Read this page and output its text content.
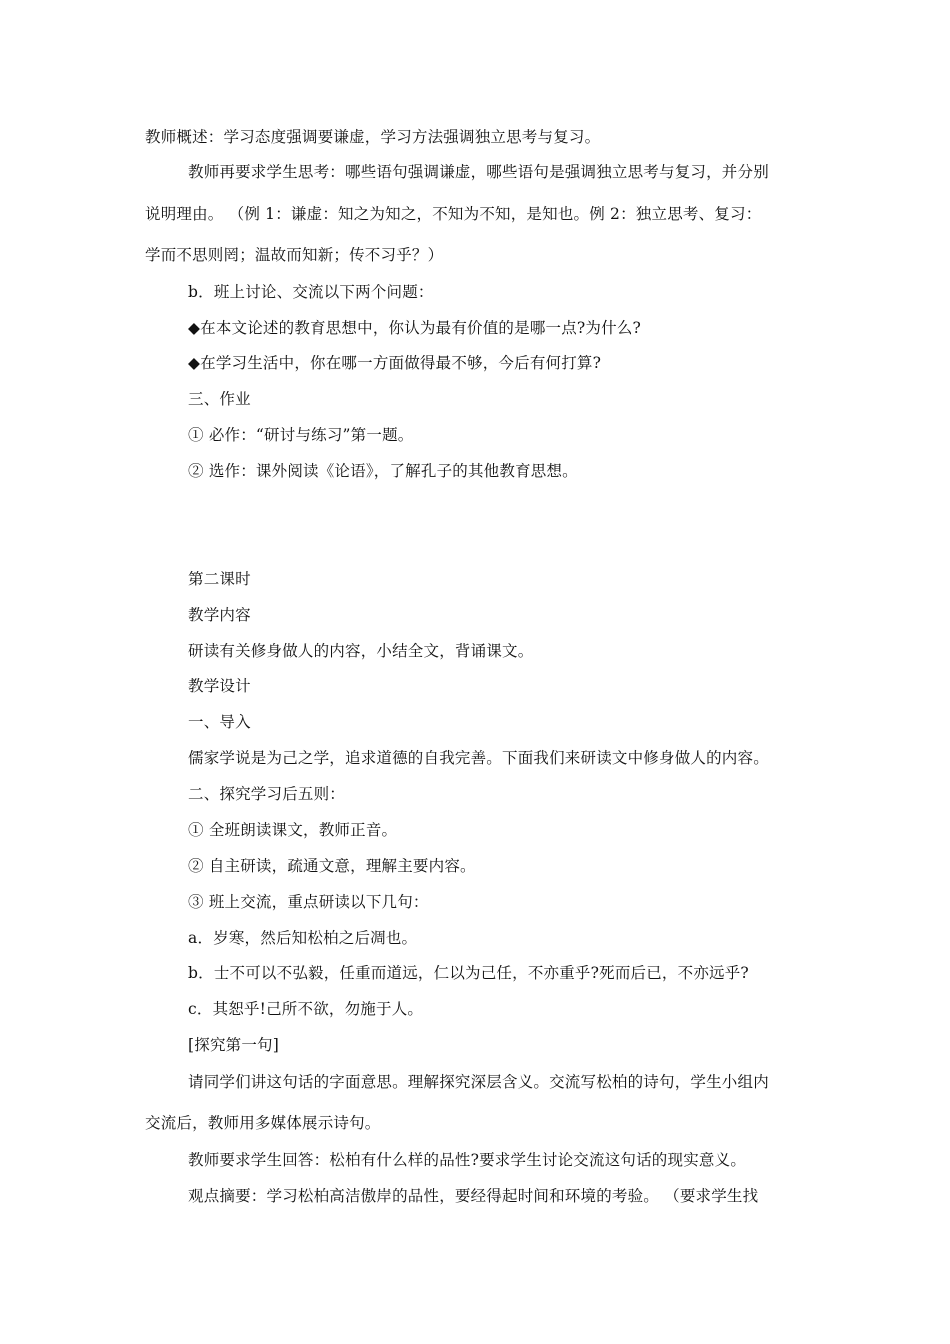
教师概述：学习态度强调要谦虚，学习方法强调独立思考与复习。
教师再要求学生思考：哪些语句强调谦虚，哪些语句是强调独立思考与复习，并分别
说明理由。 （例 1：谦虚：知之为知之，不知为不知，是知也。例 2：独立思考、复习：
学而不思则罔；温故而知新；传不习乎？）
b．班上讨论、交流以下两个问题：
◆在本文论述的教育思想中，你认为最有价值的是哪一点?为什么?
◆在学习生活中，你在哪一方面做得最不够，今后有何打算?
三、作业
① 必作：“研讨与练习”第一题。
② 选作：课外阅读《论语》，了解孔子的其他教育思想。
第二课时
教学内容
研读有关修身做人的内容，小结全文，背诵课文。
教学设计
一、导入
儒家学说是为己之学，追求道德的自我完善。下面我们来研读文中修身做人的内容。
二、探究学习后五则：
① 全班朗读课文，教师正音。
② 自主研读，疏通文意，理解主要内容。
③ 班上交流，重点研读以下几句：
a．岁寒，然后知松柏之后凋也。
b．士不可以不弘毅，任重而道远，仁以为己任，不亦重乎?死而后已，不亦远乎?
c．其恕乎!己所不欲，勿施于人。
[探究第一句]
请同学们讲这句话的字面意思。理解探究深层含义。交流写松柏的诗句，学生小组内
交流后，教师用多媒体展示诗句。
教师要求学生回答：松柏有什么样的品性?要求学生讨论交流这句话的现实意义。
观点摘要：学习松柏高洁傲岸的品性，要经得起时间和环境的考验。 （要求学生找
